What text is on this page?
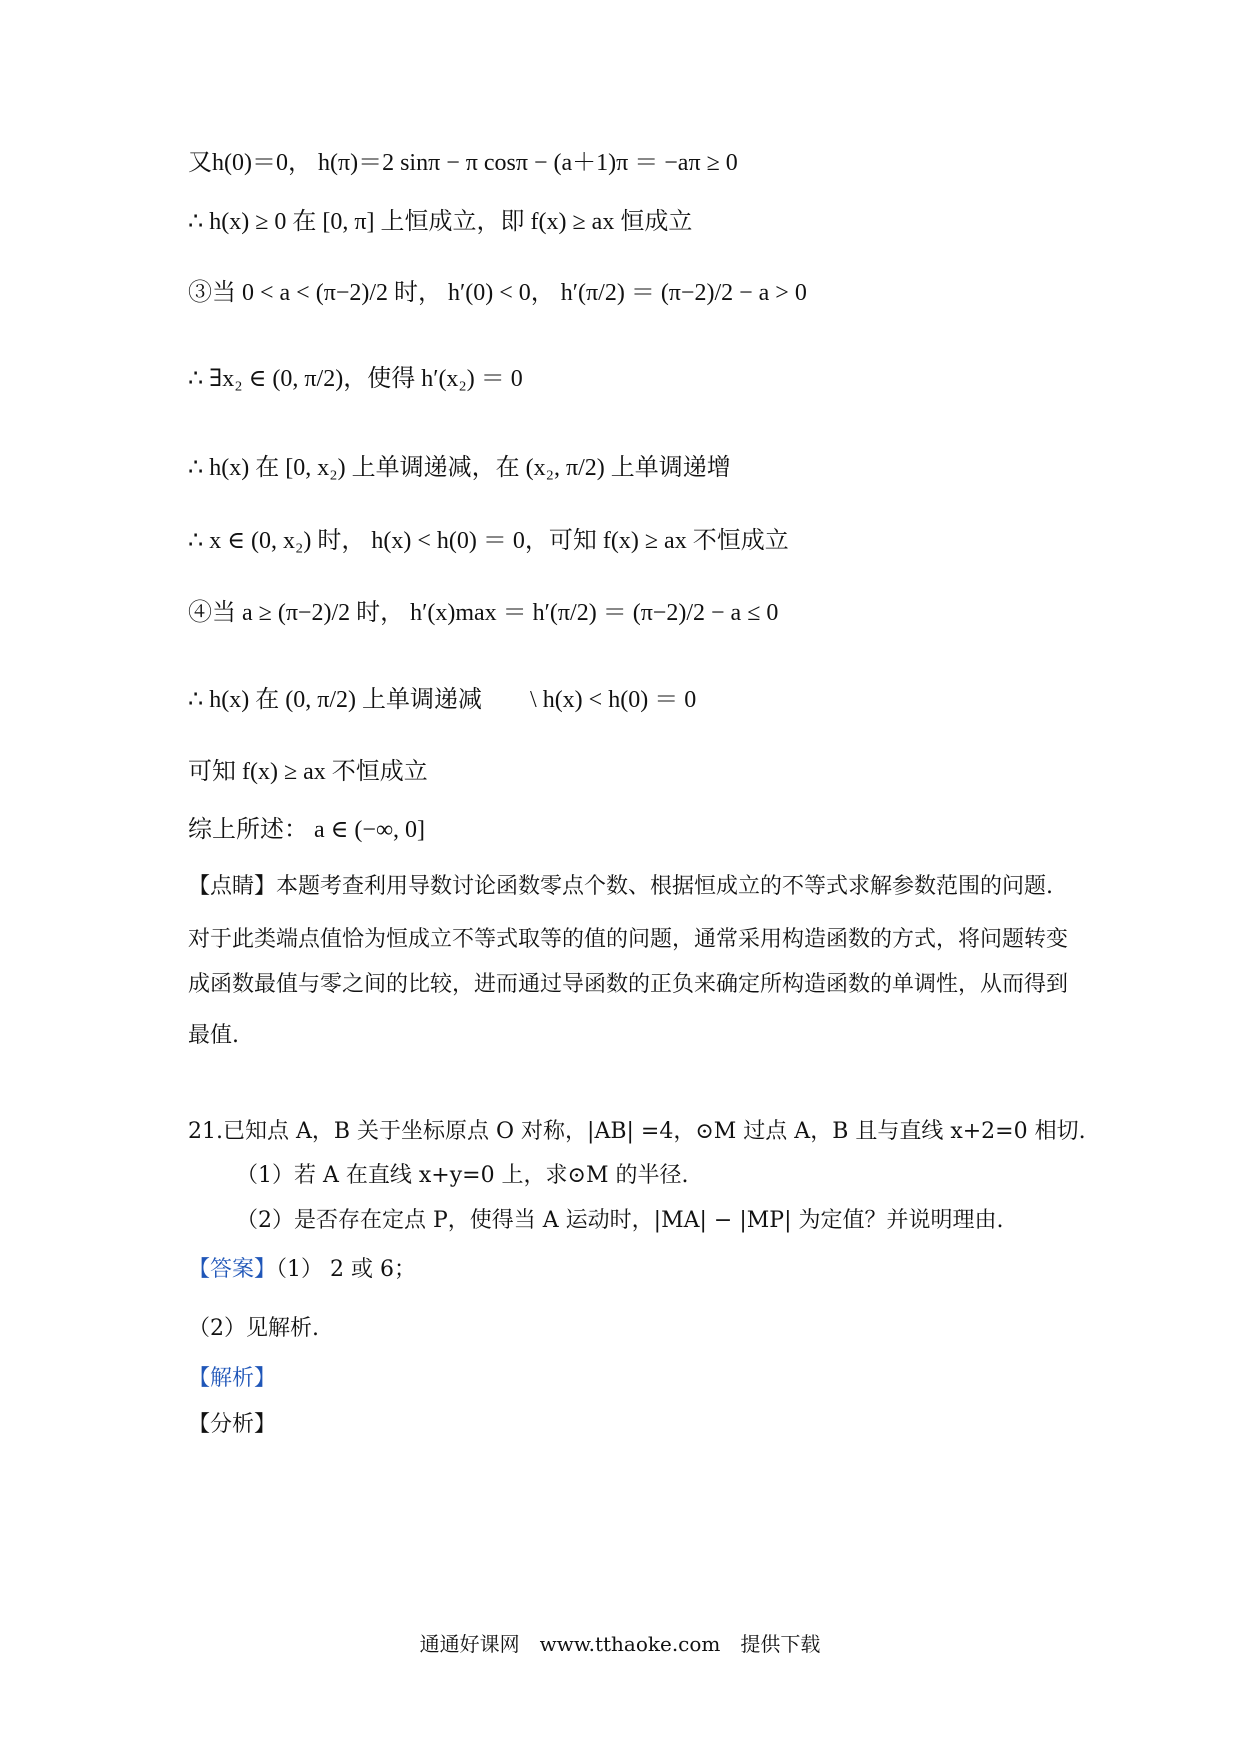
又h(0)＝0， h(π)＝2 sinπ − π cosπ − (a＋1)π ＝ −aπ ≥ 0
∴ h(x) ≥ 0 在 [0, π] 上恒成立，即 f(x) ≥ ax 恒成立
③当 0 < a < (π−2)/2 时， h′(0) < 0， h′(π/2) ＝ (π−2)/2 − a > 0
∴ ∃x₂ ∈ (0, π/2)，使得 h′(x₂) ＝ 0
∴ h(x) 在 [0, x₂) 上单调递减，在 (x₂, π/2) 上单调递增
∴ x ∈ (0, x₂) 时， h(x) < h(0) ＝ 0，可知 f(x) ≥ ax 不恒成立
④当 a ≥ (π−2)/2 时， h′(x)max ＝ h′(π/2) ＝ (π−2)/2 − a ≤ 0
∴ h(x) 在 (0, π/2) 上单调递减　　\ h(x) < h(0) ＝ 0
可知 f(x) ≥ ax 不恒成立
综上所述： a ∈ (−∞, 0]
【点睛】本题考查利用导数讨论函数零点个数、根据恒成立的不等式求解参数范围的问题.
对于此类端点值恰为恒成立不等式取等的值的问题，通常采用构造函数的方式，将问题转变
成函数最值与零之间的比较，进而通过导函数的正负来确定所构造函数的单调性，从而得到
最值.
21.已知点 A，B 关于坐标原点 O 对称，|AB| =4，⊙M 过点 A，B 且与直线 x+2=0 相切.
（1）若 A 在直线 x+y=0 上，求⊙M 的半径.
（2）是否存在定点 P，使得当 A 运动时，|MA| − |MP| 为定值？并说明理由.
【答案】（1） 2 或 6；
（2）见解析.
【解析】
【分析】
通通好课网　www.tthaoke.com　提供下载
